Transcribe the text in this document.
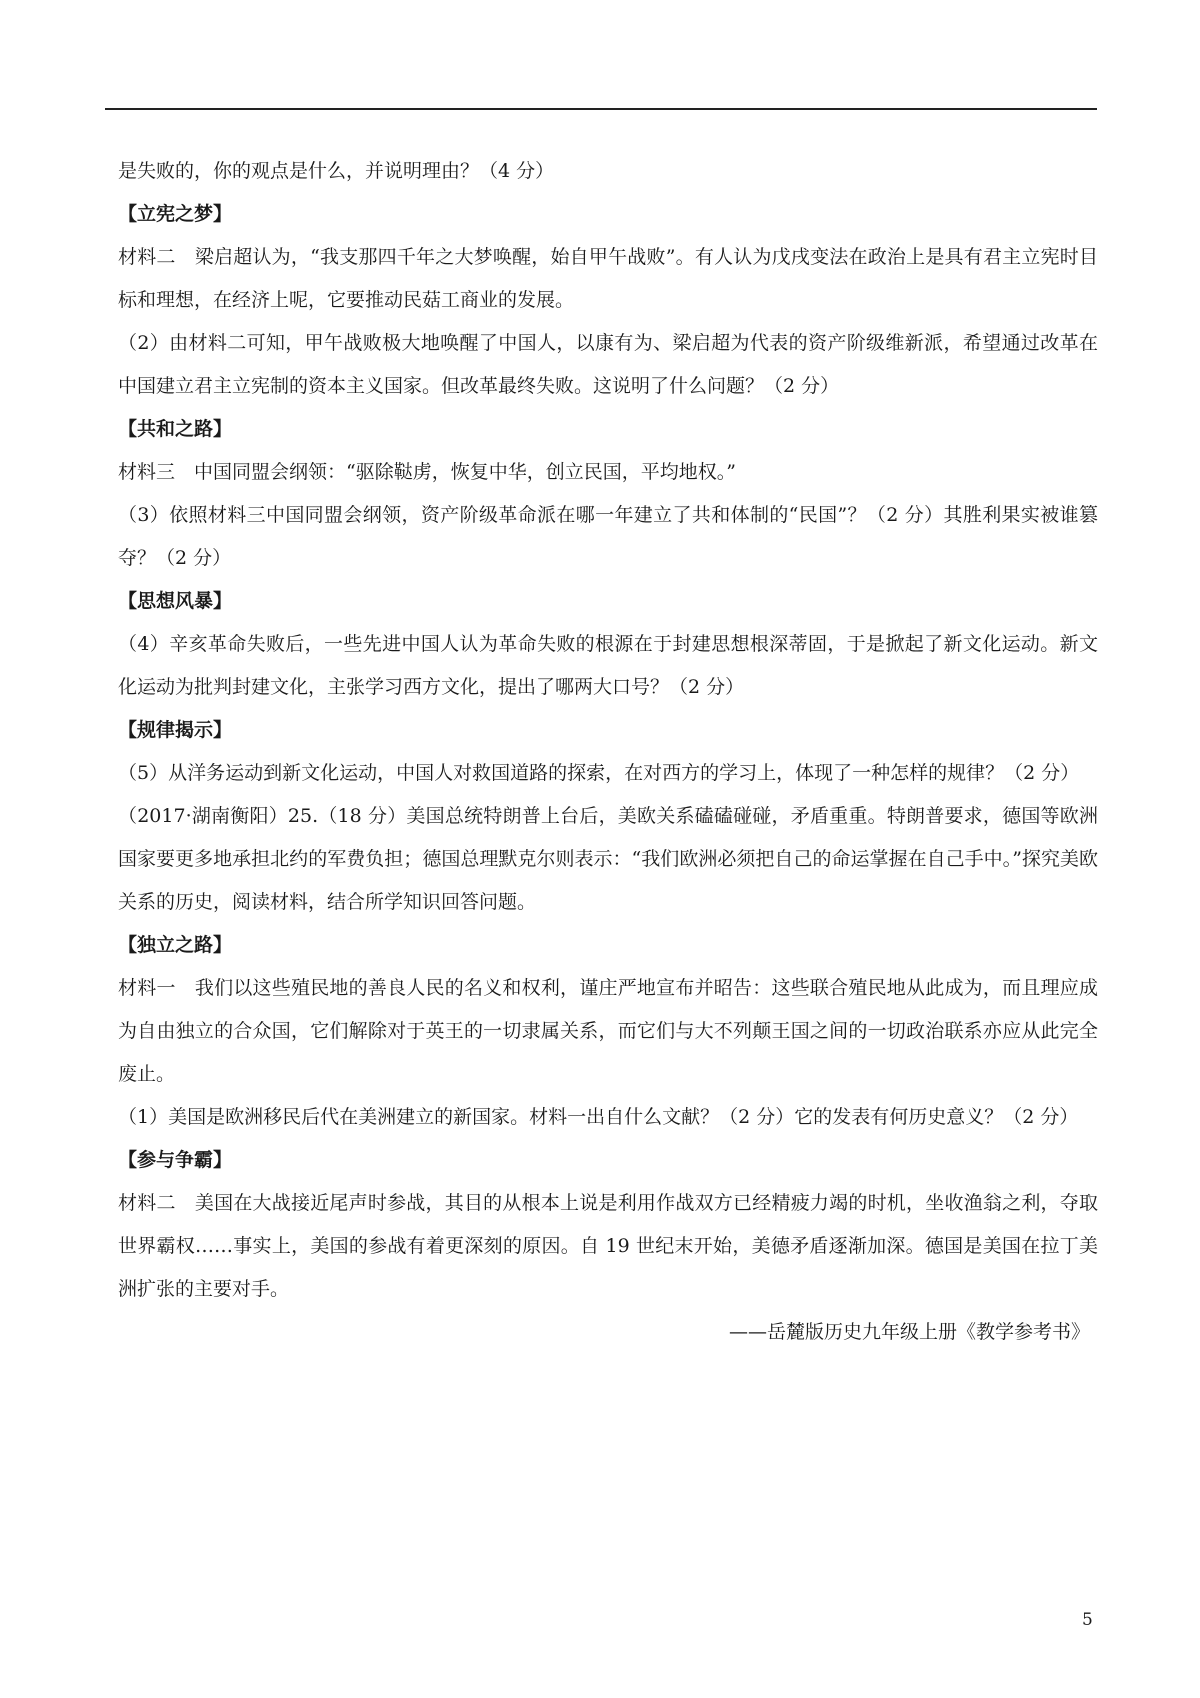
是失败的，你的观点是什么，并说明理由？（4 分）

【立宪之梦】

材料二　梁启超认为，“我支那四千年之大梦唤醒，始自甲午战败”。有人认为戊戌变法在政治上是具有君主立宪时目标和理想，在经济上呢，它要推动民菇工商业的发展。

（2）由材料二可知，甲午战败极大地唤醒了中国人，以康有为、梁启超为代表的资产阶级维新派，希望通过改革在中国建立君主立宪制的资本主义国家。但改革最终失败。这说明了什么问题？（2 分）

【共和之路】

材料三　中国同盟会纲领：“驱除鞑虏，恢复中华，创立民国，平均地权。”

（3）依照材料三中国同盟会纲领，资产阶级革命派在哪一年建立了共和体制的“民国”？（2 分）其胜利果实被谁篡夺？（2 分）

【思想风暴】

（4）辛亥革命失败后，一些先进中国人认为革命失败的根源在于封建思想根深蒂固，于是掀起了新文化运动。新文化运动为批判封建文化，主张学习西方文化，提出了哪两大口号？（2 分）

【规律揭示】

（5）从洋务运动到新文化运动，中国人对救国道路的探索，在对西方的学习上，体现了一种怎样的规律？（2 分）

（2017·湖南衡阳）25.（18 分）美国总统特朗普上台后，美欧关系磕磕碰碰，矛盾重重。特朗普要求，德国等欧洲国家要更多地承担北约的军费负担；德国总理默克尔则表示：“我们欧洲必须把自己的命运掌握在自己手中。”探究美欧关系的历史，阅读材料，结合所学知识回答问题。

【独立之路】

材料一　我们以这些殖民地的善良人民的名义和权利，谨庄严地宣布并昭告：这些联合殖民地从此成为，而且理应成为自由独立的合众国，它们解除对于英王的一切隶属关系，而它们与大不列颠王国之间的一切政治联系亦应从此完全废止。

（1）美国是欧洲移民后代在美洲建立的新国家。材料一出自什么文献？（2 分）它的发表有何历史意义？（2 分）

【参与争霸】

材料二　美国在大战接近尾声时参战，其目的从根本上说是利用作战双方已经精疲力竭的时机，坐收渔翁之利，夺取世界霸权……事实上，美国的参战有着更深刻的原因。自 19 世纪末开始，美德矛盾逐渐加深。德国是美国在拉丁美洲扩张的主要对手。

——岳麓版历史九年级上册《教学参考书》

5
